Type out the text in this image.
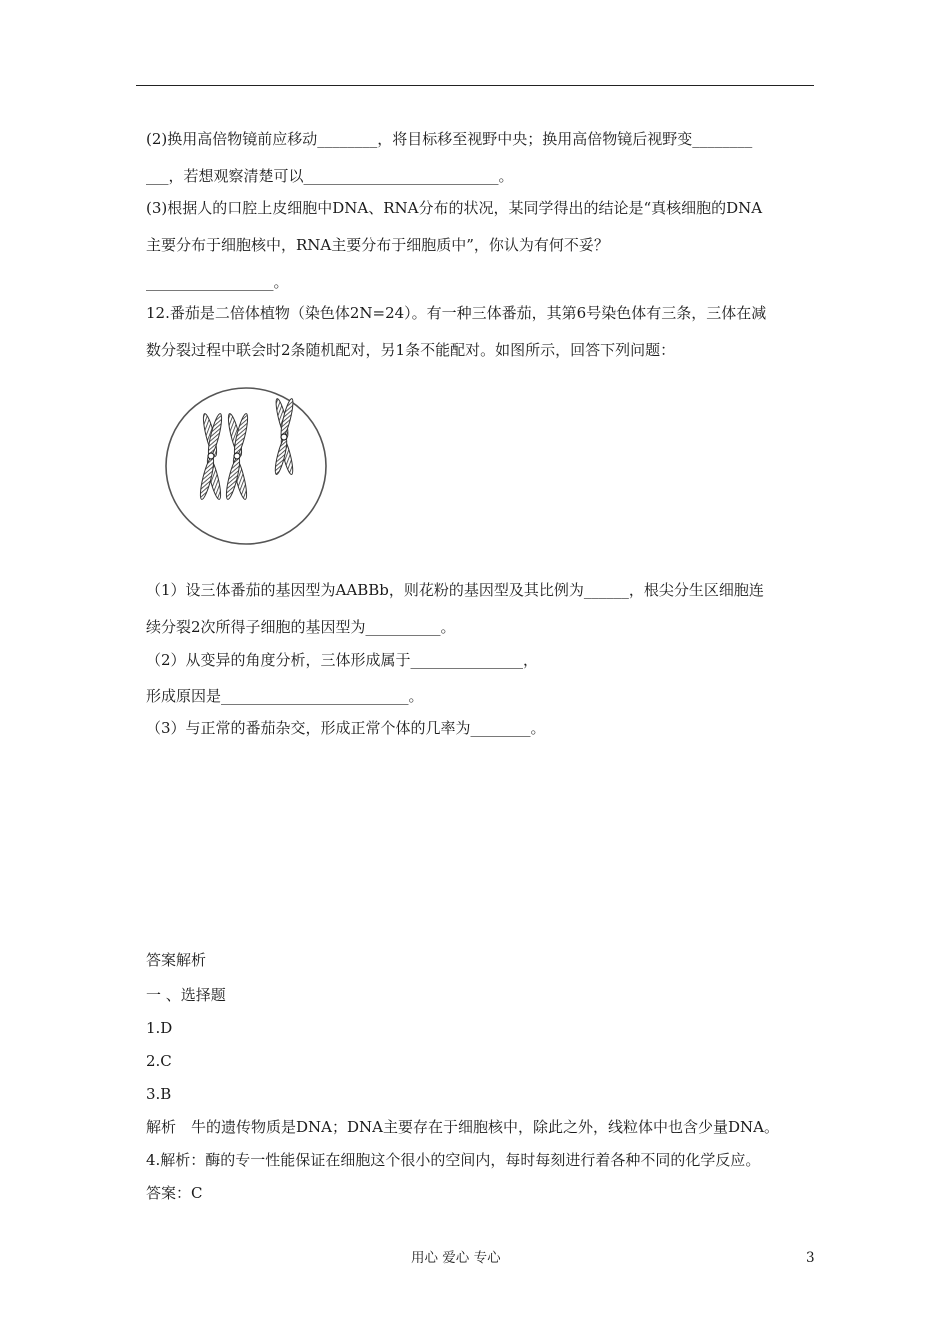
(2)换用高倍物镜前应移动________，将目标移至视野中央；换用高倍物镜后视野变________
___，若想观察清楚可以__________________________。
(3)根据人的口腔上皮细胞中DNA、RNA分布的状况，某同学得出的结论是“真核细胞的DNA
主要分布于细胞核中，RNA主要分布于细胞质中”，你认为有何不妥？
_________________。
12.番茄是二倍体植物（染色体2N=24）。有一种三体番茄，其第6号染色体有三条，三体在减
数分裂过程中联会时2条随机配对，另1条不能配对。如图所示，回答下列问题：
（1）设三体番茄的基因型为AABBb，则花粉的基因型及其比例为______，根尖分生区细胞连
续分裂2次所得子细胞的基因型为__________。
（2）从变异的角度分析，三体形成属于_______________，
形成原因是_________________________。
（3）与正常的番茄杂交，形成正常个体的几率为________。
答案解析
一 、选择题
1.D
2.C
3.B
解析　牛的遗传物质是DNA；DNA主要存在于细胞核中，除此之外，线粒体中也含少量DNA。
4.解析：酶的专一性能保证在细胞这个很小的空间内，每时每刻进行着各种不同的化学反应。
答案：C
用心 爱心 专心	3
